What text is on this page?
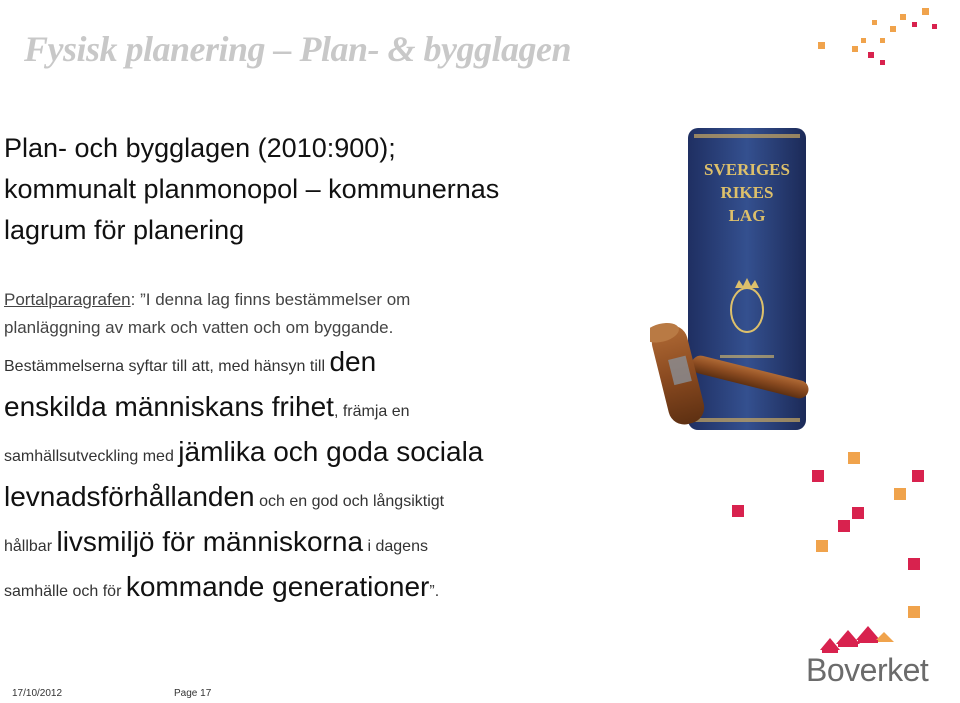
Fysisk planering – Plan- & bygglagen
Plan- och bygglagen (2010:900);
kommunalt planmonopol – kommunernas
lagrum för planering
Portalparagrafen: ”I denna lag finns bestämmelser om
planläggning av mark och vatten och om byggande.
Bestämmelserna syftar till att, med hänsyn till den
enskilda människans frihet, främja en
samhällsutveckling med jämlika och goda sociala
levnadsförhållanden och en god och långsiktigt
hållbar livsmiljö för människorna i dagens
samhälle och för kommande generationer”.
SVERIGES
RIKES
LAG
Boverket
17/10/2012	Page 17
